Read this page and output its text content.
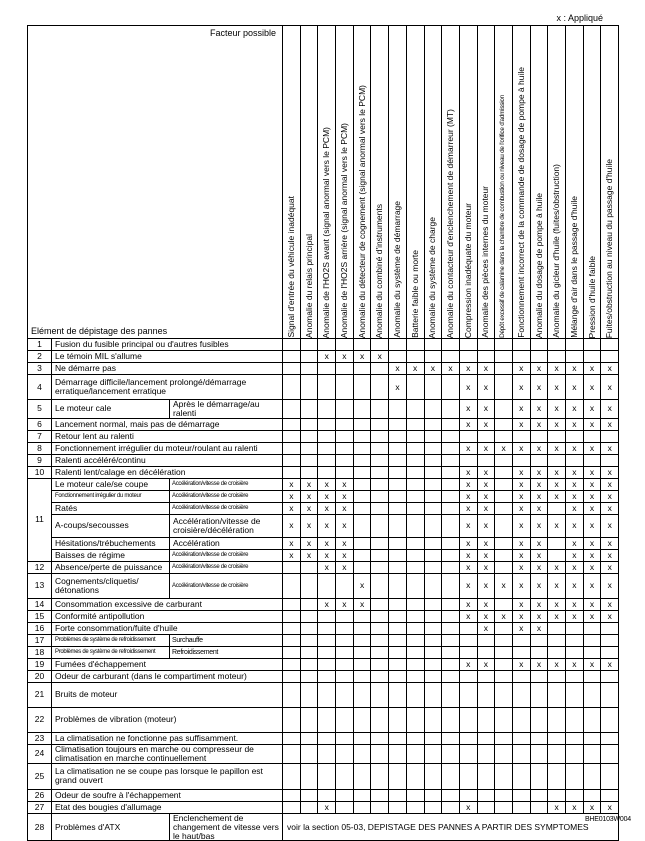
x : Appliqué
Facteur possible
Elément de dépistage des pannes			Signal d'entrée du véhicule inadéquat	Anomalie du relais principal	Anomalie de l'HO2S avant (signal anormal vers le PCM)	Anomalie de l'HO2S arrière (signal anormal vers le PCM)	Anomalie du détecteur de cognement (signal anormal vers le PCM)	Anomalie du combiné d'instruments	Anomalie du système de démarrage	Batterie faible ou morte	Anomalie du système de charge	Anomalie du contacteur d'enclenchement de démarreur (MT)	Compression inadéquate du moteur	Anomalie des pièces internes du moteur	Dépôt excessif de calamine dans la chambre de combustion ou niveau de l'orifice d'admission	Fonctionnement incorrect de la commande de dosage de pompe à huile	Anomalie du dosage de pompe à huile	Anomalie du gicleur d'huile (fuites/obstruction)	Mélange d'air dans le passage d'huile	Pression d'huile faible	Fuites/obstruction au niveau du passage d'huile

1	Fusion du fusible principal ou d'autres fusibles																				
2	Le témoin MIL s'allume				x	x	x	x													
3	Ne démarre pas								x	x	x	x	x	x		x	x	x	x	x	x
4	Démarrage difficile/lancement prolongé/démarrage erratique/lancement erratique								x				x	x		x	x	x	x	x	x
5	Le moteur cale	Après le démarrage/au ralenti											x	x		x	x	x	x	x	x
6	Lancement normal, mais pas de démarrage												x	x		x	x	x	x	x	x
7	Retour lent au ralenti																				
8	Fonctionnement irrégulier du moteur/roulant au ralenti												x	x	x	x	x	x	x	x	x
9	Ralenti accéléré/continu																				
10	Ralenti lent/calage en décélération												x	x		x	x	x	x	x	x
11	Le moteur cale/se coupe	Accélération/vitesse de croisière	x	x	x	x							x	x		x	x	x	x	x	x
	Fonctionnement irrégulier du moteur	Accélération/vitesse de croisière	x	x	x	x							x	x		x	x	x	x	x	x
	Ratés	Accélération/vitesse de croisière	x	x	x	x							x	x		x	x		x	x	x
	A-coups/secousses	Accélération/vitesse de croisière/décélération	x	x	x	x							x	x		x	x	x	x	x	x
	Hésitations/trébuchements	Accélération	x	x	x	x							x	x		x	x		x	x	x
	Baisses de régime	Accélération/vitesse de croisière	x	x	x	x							x	x		x	x		x	x	x
12	Absence/perte de puissance	Accélération/vitesse de croisière			x	x							x	x		x	x	x	x	x	x
13	Cognements/cliquetis/ détonations	Accélération/vitesse de croisière					x						x	x	x	x	x	x	x	x	x
14	Consommation excessive de carburant				x	x	x						x	x		x	x	x	x	x	x
15	Conformité antipollution												x	x	x	x	x	x	x	x	x
16	Forte consommation/fuite d'huile													x		x	x				
17	Problèmes de système de refroidissement	Surchauffe																			
18	Problèmes de système de refroidissement	Refroidissement																			
19	Fumées d'échappement												x	x		x	x	x	x	x	x
20	Odeur de carburant (dans le compartiment moteur)																				
21	Bruits de moteur																				
22	Problèmes de vibration (moteur)																				
23	La climatisation ne fonctionne pas suffisamment.																				
24	Climatisation toujours en marche ou compresseur de climatisation en marche continuellement																				
25	La climatisation ne se coupe pas lorsque le papillon est grand ouvert																				
26	Odeur de soufre à l'échappement																				
27	Etat des bougies d'allumage				x								x					x	x	x	x
28	Problèmes d'ATX	Enclenchement de changement de vitesse vers le haut/bas	voir la section 05-03, DEPISTAGE DES PANNES A PARTIR DES SYMPTOMES																		
BHE0103W004
